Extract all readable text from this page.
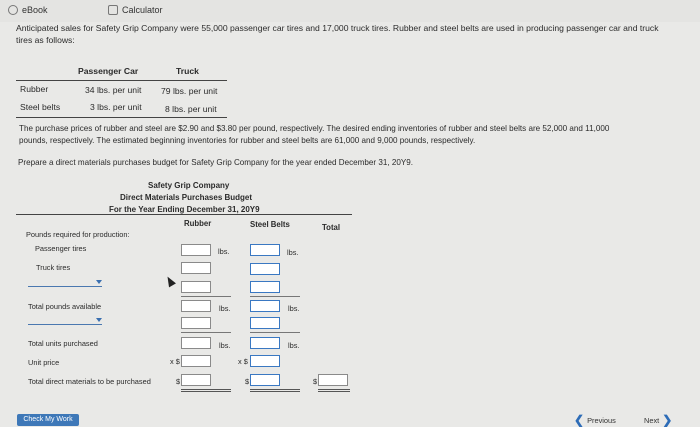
eBook	Calculator
Anticipated sales for Safety Grip Company were 55,000 passenger car tires and 17,000 truck tires. Rubber and steel belts are used in producing passenger car and truck
tires as follows:
Passenger Car	Truck
Rubber	34 lbs. per unit 79 lbs. per unit
Steel belts	3 lbs. per unit	8 lbs. per unit
The purchase prices of rubber and steel are $2.90 and $3.80 per pound, respectively. The desired ending inventories of rubber and steel belts are 52,000 and 11,000
pounds, respectively. The estimated beginning inventories for rubber and steel belts are 61,000 and 9,000 pounds, respectively.
Prepare a direct materials purchases budget for Safety Grip Company for the year ended December 31, 20Y9.
Safety Grip Company
Direct Materials Purchases Budget
For the Year Ending December 31, 20Y9
Rubber	Steel Belts	Total
Pounds required for production:
Passenger tires
Truck tires
lbs.	lbs.
Total pounds available	lbs.	lbs.
Total units purchased	lbs.	lbs.
Unit price	x $	x $
Total direct materials to be purchased	$	$	$
Check My Work	❮ Previous	Next ❯
